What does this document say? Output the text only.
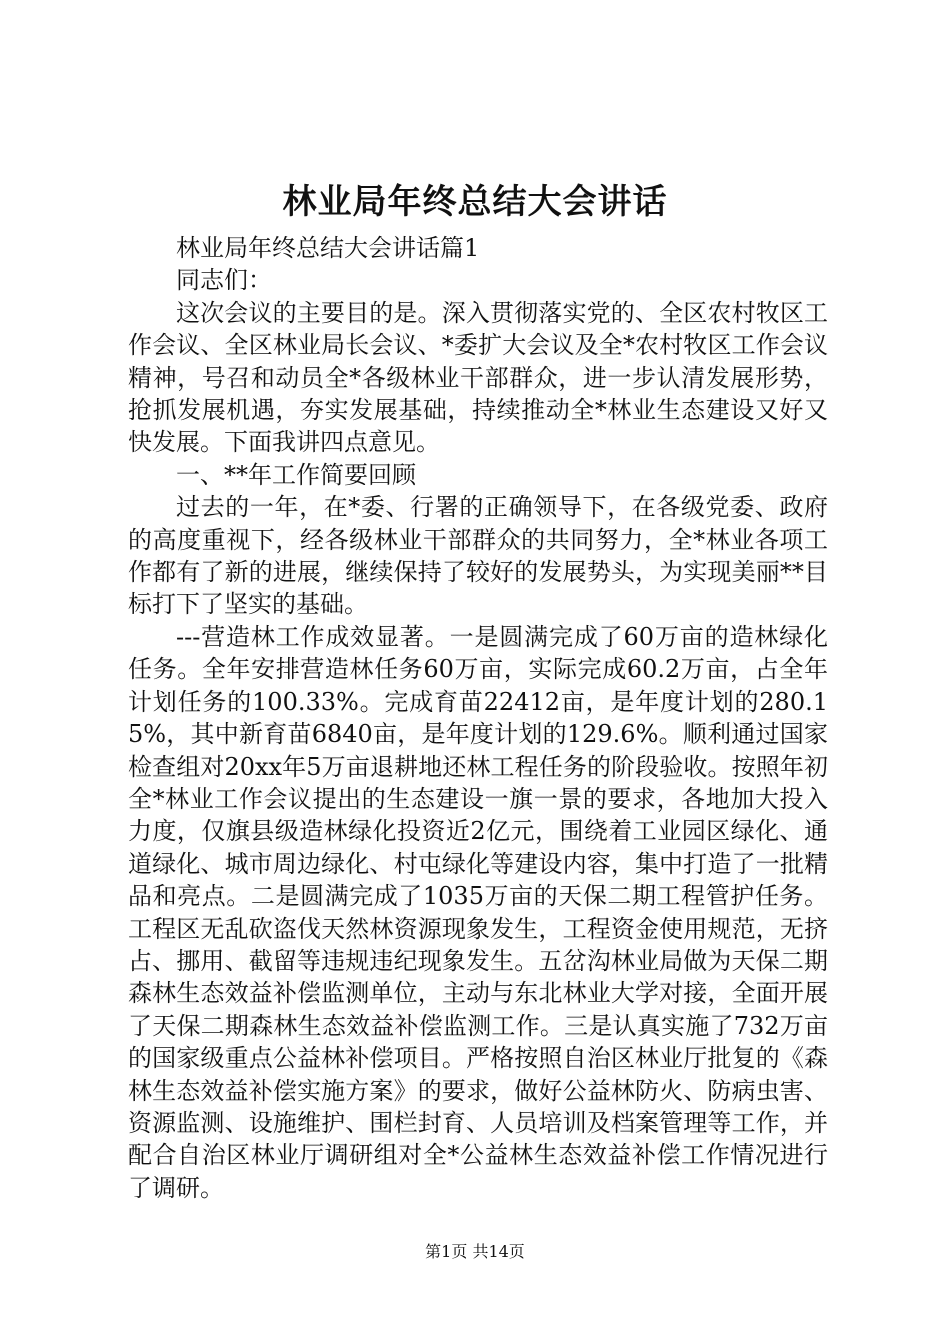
林业局年终总结大会讲话

林业局年终总结大会讲话篇1

同志们：

这次会议的主要目的是。深入贯彻落实党的、全区农村牧区工作会议、全区林业局长会议、*委扩大会议及全*农村牧区工作会议精神，号召和动员全*各级林业干部群众，进一步认清发展形势，抢抓发展机遇，夯实发展基础，持续推动全*林业生态建设又好又快发展。下面我讲四点意见。

一、**年工作简要回顾

过去的一年，在*委、行署的正确领导下，在各级党委、政府的高度重视下，经各级林业干部群众的共同努力，全*林业各项工作都有了新的进展，继续保持了较好的发展势头，为实现美丽**目标打下了坚实的基础。

---营造林工作成效显著。一是圆满完成了60万亩的造林绿化任务。全年安排营造林任务60万亩，实际完成60.2万亩，占全年计划任务的100.33%。完成育苗22412亩，是年度计划的280.15%，其中新育苗6840亩，是年度计划的129.6%。顺利通过国家检查组对20xx年5万亩退耕地还林工程任务的阶段验收。按照年初全*林业工作会议提出的生态建设一旗一景的要求，各地加大投入力度，仅旗县级造林绿化投资近2亿元，围绕着工业园区绿化、通道绿化、城市周边绿化、村屯绿化等建设内容，集中打造了一批精品和亮点。二是圆满完成了1035万亩的天保二期工程管护任务。工程区无乱砍盗伐天然林资源现象发生，工程资金使用规范，无挤占、挪用、截留等违规违纪现象发生。五岔沟林业局做为天保二期森林生态效益补偿监测单位，主动与东北林业大学对接，全面开展了天保二期森林生态效益补偿监测工作。三是认真实施了732万亩的国家级重点公益林补偿项目。严格按照自治区林业厅批复的《森林生态效益补偿实施方案》的要求，做好公益林防火、防病虫害、资源监测、设施维护、围栏封育、人员培训及档案管理等工作，并配合自治区林业厅调研组对全*公益林生态效益补偿工作情况进行了调研。

第1页 共14页
